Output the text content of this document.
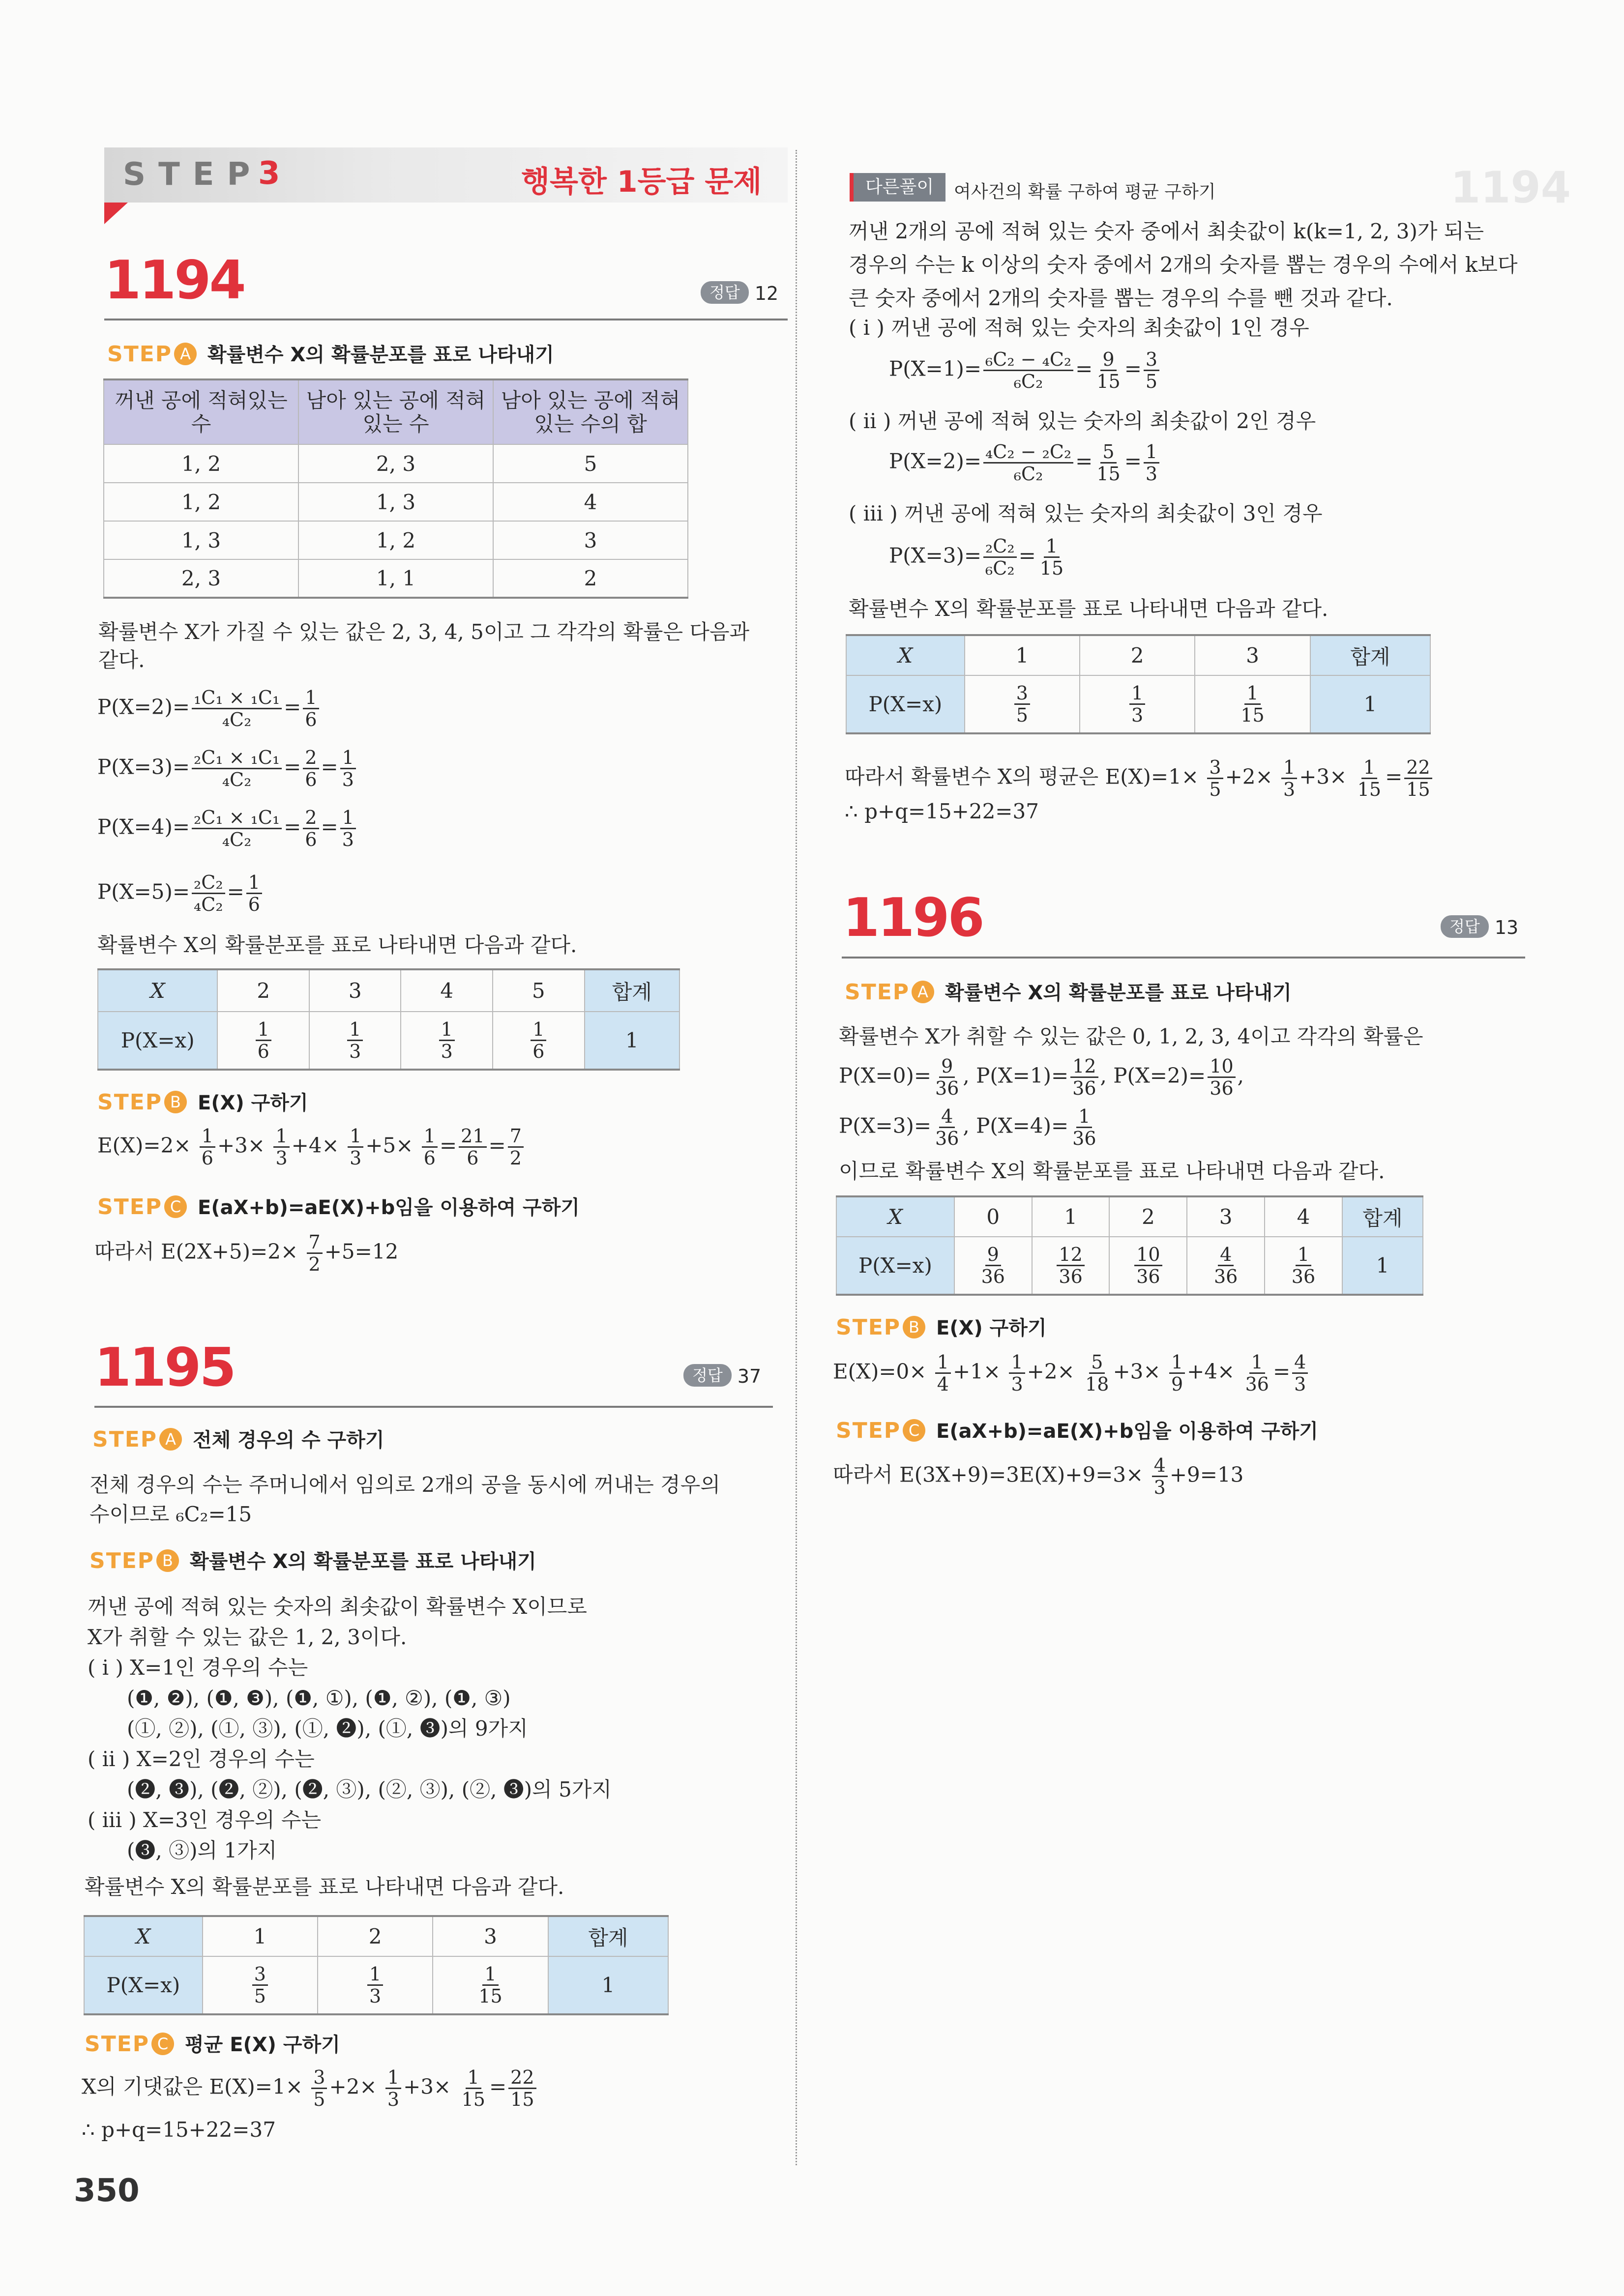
STEP
3	행복한 1등급 문제
1194	정답 12
STEP A 확률변수 X의 확률분포를 표로 나타내기
꺼낸 공에 적혀있는 수	남아 있는 공에 적혀 있는 수	남아 있는 공에 적혀 있는 수의 합
1, 2	2, 3	5
1, 2	1, 3	4
1, 3	1, 2	3
2, 3	1, 1	2
확률변수 X가 가질 수 있는 값은 2, 3, 4, 5이고 그 각각의 확률은 다음과
같다.
$P(X=2)= \frac{\text{₁C₁ × ₁C₁}}{\text{₄C₂}} = \frac{1}{6}$
$P(X=3)= \frac{\text{₂C₁ × ₁C₁}}{\text{₄C₂}} = \frac{2}{6} = \frac{1}{3}$
$P(X=4)= \frac{\text{₂C₁ × ₁C₁}}{\text{₄C₂}} = \frac{2}{6} = \frac{1}{3}$
$P(X=5)= \frac{\text{₂C₂}}{\text{₄C₂}} = \frac{1}{6}$
확률변수 X의 확률분포를 표로 나타내면 다음과 같다.
X	2	3	4	5	합계
P(X=x)	$\frac{1}{6}$	$\frac{1}{3}$	$\frac{1}{3}$	$\frac{1}{6}$	1
STEP B E(X) 구하기
$E(X)=2\times \frac{1}{6} +3\times \frac{1}{3} +4\times \frac{1}{3} +5\times \frac{1}{6} = \frac{21}{6} = \frac{7}{2}$
STEP C E(aX+b)=aE(X)+b임을 이용하여 구하기
따라서 $E(2X+5)=2\times \frac{7}{2} +5=12$
1195	정답 37
STEP A 전체 경우의 수 구하기
전체 경우의 수는 주머니에서 임의로 2개의 공을 동시에 꺼내는 경우의
수이므로 ₆C₂=15
STEP B 확률변수 X의 확률분포를 표로 나타내기
꺼낸 공에 적혀 있는 숫자의 최솟값이 확률변수 X이므로
X가 취할 수 있는 값은 1, 2, 3이다.
( i ) X=1인 경우의 수는
(❶, ❷), (❶, ❸), (❶, ①), (❶, ②), (❶, ③)
(①, ②), (①, ③), (①, ❷), (①, ❸)의 9가지
( ii ) X=2인 경우의 수는
(❷, ❸), (❷, ②), (❷, ③), (②, ③), (②, ❸)의 5가지
( iii ) X=3인 경우의 수는
(❸, ③)의 1가지
확률변수 X의 확률분포를 표로 나타내면 다음과 같다.
X	1	2	3	합계
P(X=x)	$\frac{3}{5}$	$\frac{1}{3}$	$\frac{1}{15}$	1
STEP C 평균 E(X) 구하기
X의 기댓값은 $E(X)=1\times \frac{3}{5} +2\times \frac{1}{3} +3\times \frac{1}{15} = \frac{22}{15}$
∴ p+q=15+22=37
350
다른풀이	여사건의 확률 구하여 평균 구하기	1194
꺼낸 2개의 공에 적혀 있는 숫자 중에서 최솟값이 k(k=1, 2, 3)가 되는
경우의 수는 k 이상의 숫자 중에서 2개의 숫자를 뽑는 경우의 수에서 k보다
큰 숫자 중에서 2개의 숫자를 뽑는 경우의 수를 뺀 것과 같다.
( i ) 꺼낸 공에 적혀 있는 숫자의 최솟값이 1인 경우
$P(X=1)= \frac{\text{₆C₂ − ₄C₂}}{\text{₆C₂}} = \frac{9}{15} = \frac{3}{5}$
( ii ) 꺼낸 공에 적혀 있는 숫자의 최솟값이 2인 경우
$P(X=2)= \frac{\text{₄C₂ − ₂C₂}}{\text{₆C₂}} = \frac{5}{15} = \frac{1}{3}$
( iii ) 꺼낸 공에 적혀 있는 숫자의 최솟값이 3인 경우
$P(X=3)= \frac{\text{₂C₂}}{\text{₆C₂}} = \frac{1}{15}$
확률변수 X의 확률분포를 표로 나타내면 다음과 같다.
X	1	2	3	합계
P(X=x)	$\frac{3}{5}$	$\frac{1}{3}$	$\frac{1}{15}$	1
따라서 확률변수 X의 평균은 $E(X)=1\times \frac{3}{5} +2\times \frac{1}{3} +3\times \frac{1}{15} = \frac{22}{15}$
∴ p+q=15+22=37
1196	정답 13
STEP A 확률변수 X의 확률분포를 표로 나타내기
확률변수 X가 취할 수 있는 값은 0, 1, 2, 3, 4이고 각각의 확률은
$P(X=0)= \frac{9}{36}$ , $P(X=1)= \frac{12}{36}$ , $P(X=2)= \frac{10}{36}$ ,
$P(X=3)= \frac{4}{36}$ , $P(X=4)= \frac{1}{36}$
이므로 확률변수 X의 확률분포를 표로 나타내면 다음과 같다.
X	0	1	2	3	4	합계
P(X=x)	$\frac{9}{36}$	$\frac{12}{36}$	$\frac{10}{36}$	$\frac{4}{36}$	$\frac{1}{36}$	1
STEP B E(X) 구하기
$E(X)=0\times \frac{1}{4} +1\times \frac{1}{3} +2\times \frac{5}{18} +3\times \frac{1}{9} +4\times \frac{1}{36} = \frac{4}{3}$
STEP C E(aX+b)=aE(X)+b임을 이용하여 구하기
따라서 $E(3X+9)=3E(X)+9=3\times \frac{4}{3} +9=13$
